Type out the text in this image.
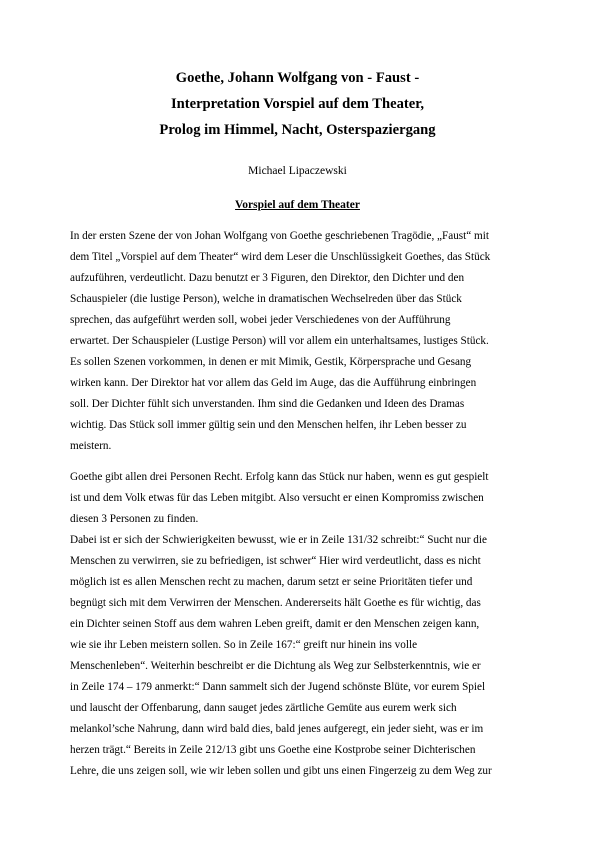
Goethe, Johann Wolfgang von - Faust -
Interpretation Vorspiel auf dem Theater,
Prolog im Himmel, Nacht, Osterspaziergang
Michael Lipaczewski
Vorspiel auf dem Theater
In der ersten Szene der von Johan Wolfgang von Goethe geschriebenen Tragödie, „Faust“ mit
dem Titel „Vorspiel auf dem Theater“ wird dem Leser die Unschlüssigkeit Goethes, das Stück
aufzuführen, verdeutlicht. Dazu benutzt er 3 Figuren, den Direktor, den Dichter und den
Schauspieler (die lustige Person), welche in dramatischen Wechselreden über das Stück
sprechen, das aufgeführt werden soll, wobei jeder Verschiedenes von der Aufführung
erwartet. Der Schauspieler (Lustige Person) will vor allem ein unterhaltsames, lustiges Stück.
Es sollen Szenen vorkommen, in denen er mit Mimik, Gestik, Körpersprache und Gesang
wirken kann. Der Direktor hat vor allem das Geld im Auge, das die Aufführung einbringen
soll. Der Dichter fühlt sich unverstanden. Ihm sind die Gedanken und Ideen des Dramas
wichtig. Das Stück soll immer gültig sein und den Menschen helfen, ihr Leben besser zu
meistern.
Goethe gibt allen drei Personen Recht. Erfolg kann das Stück nur haben, wenn es gut gespielt
ist und dem Volk etwas für das Leben mitgibt. Also versucht er einen Kompromiss zwischen
diesen 3 Personen zu finden.
Dabei ist er sich der Schwierigkeiten bewusst, wie er in Zeile 131/32 schreibt:“ Sucht nur die
Menschen zu verwirren, sie zu befriedigen, ist schwer“ Hier wird verdeutlicht, dass es nicht
möglich ist es allen Menschen recht zu machen, darum setzt er seine Prioritäten tiefer und
begnügt sich mit dem Verwirren der Menschen. Andererseits hält Goethe es für wichtig, das
ein Dichter seinen Stoff aus dem wahren Leben greift, damit er den Menschen zeigen kann,
wie sie ihr Leben meistern sollen. So in Zeile 167:“ greift nur hinein ins volle
Menschenleben“. Weiterhin beschreibt er die Dichtung als Weg zur Selbsterkenntnis, wie er
in Zeile 174 – 179 anmerkt:“ Dann sammelt sich der Jugend schönste Blüte, vor eurem Spiel
und lauscht der Offenbarung, dann sauget jedes zärtliche Gemüte aus eurem werk sich
melankol’sche Nahrung, dann wird bald dies, bald jenes aufgeregt, ein jeder sieht, was er im
herzen trägt.“ Bereits in Zeile 212/13 gibt uns Goethe eine Kostprobe seiner Dichterischen
Lehre, die uns zeigen soll, wie wir leben sollen und gibt uns einen Fingerzeig zu dem Weg zur
